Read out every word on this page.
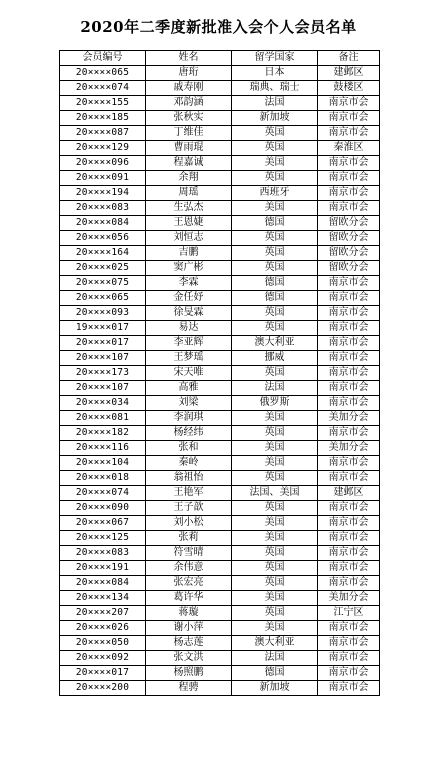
2020年二季度新批准入会个人会员名单
会员编号	姓名	留学国家	备注
20××××065	唐珩	日本	建邺区
20××××074	戚寿刚	瑞典、瑞士	鼓楼区
20××××155	邓韵涵	法国	南京市会
20××××185	张秋实	新加坡	南京市会
20××××087	丁维佳	英国	南京市会
20××××129	曹雨琨	英国	秦淮区
20××××096	程嘉诚	美国	南京市会
20××××091	余翔	英国	南京市会
20××××194	周瑶	西班牙	南京市会
20××××083	生弘杰	美国	南京市会
20××××084	王恩婕	德国	留欧分会
20××××056	刘恒志	英国	留欧分会
20××××164	吉鹏	英国	留欧分会
20××××025	窦广彬	英国	留欧分会
20××××075	李霖	德国	南京市会
20××××065	金任妤	德国	南京市会
20××××093	徐旻霖	英国	南京市会
19××××017	易达	英国	南京市会
20××××017	李亚辉	澳大利亚	南京市会
20××××107	王梦瑶	挪威	南京市会
20××××173	宋天唯	英国	南京市会
20××××107	高雅	法国	南京市会
20××××034	刘梁	俄罗斯	南京市会
20××××081	李润琪	美国	美加分会
20××××182	杨经纬	英国	南京市会
20××××116	张和	美国	美加分会
20××××104	秦岭	美国	南京市会
20××××018	翁祖怡	英国	南京市会
20××××074	王艳军	法国、美国	建邺区
20××××090	王子歆	英国	南京市会
20××××067	刘小松	美国	南京市会
20××××125	张莉	美国	南京市会
20××××083	符雪晴	英国	南京市会
20××××191	余伟意	英国	南京市会
20××××084	张宏亮	英国	南京市会
20××××134	葛许华	美国	美加分会
20××××207	蒋璇	英国	江宁区
20××××026	谢小萍	美国	南京市会
20××××050	杨志莲	澳大利亚	南京市会
20××××092	张文洪	法国	南京市会
20××××017	杨照鹏	德国	南京市会
20××××200	程骋	新加坡	南京市会
